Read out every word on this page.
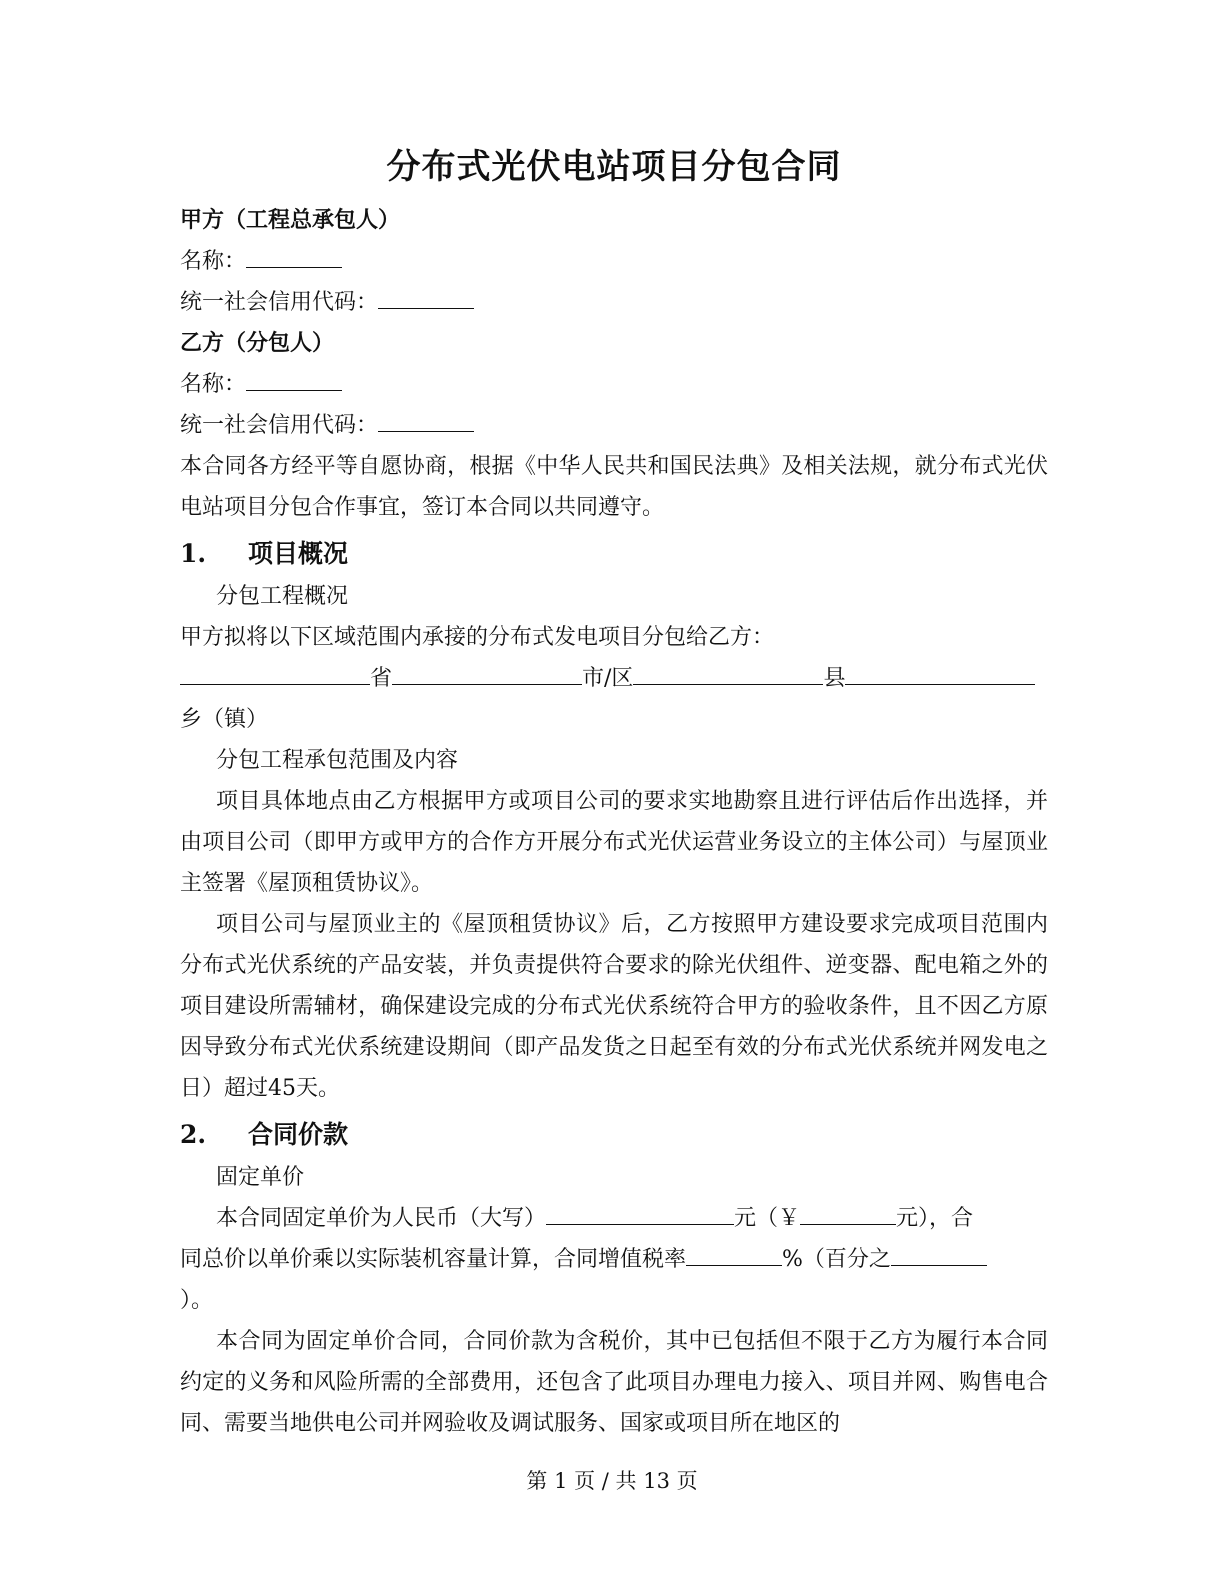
分布式光伏电站项目分包合同

甲方（工程总承包人）

名称：

统一社会信用代码：

乙方（分包人）

名称：

统一社会信用代码：

本合同各方经平等自愿协商，根据《中华人民共和国民法典》及相关法规，就分布式光伏电站项目分包合作事宜，签订本合同以共同遵守。

1.	项目概况

分包工程概况

甲方拟将以下区域范围内承接的分布式发电项目分包给乙方：

省	市/区	县

乡（镇）

分包工程承包范围及内容

项目具体地点由乙方根据甲方或项目公司的要求实地勘察且进行评估后作出选择，并由项目公司（即甲方或甲方的合作方开展分布式光伏运营业务设立的主体公司）与屋顶业主签署《屋顶租赁协议》。

项目公司与屋顶业主的《屋顶租赁协议》后，乙方按照甲方建设要求完成项目范围内分布式光伏系统的产品安装，并负责提供符合要求的除光伏组件、逆变器、配电箱之外的项目建设所需辅材，确保建设完成的分布式光伏系统符合甲方的验收条件，且不因乙方原因导致分布式光伏系统建设期间（即产品发货之日起至有效的分布式光伏系统并网发电之日）超过45天。

2.	合同价款

固定单价

本合同固定单价为人民币（大写）	元（￥	元），合

同总价以单价乘以实际装机容量计算，合同增值税率	%（百分之

）。

本合同为固定单价合同，合同价款为含税价，其中已包括但不限于乙方为履行本合同约定的义务和风险所需的全部费用，还包含了此项目办理电力接入、项目并网、购售电合同、需要当地供电公司并网验收及调试服务、国家或项目所在地区的

第 1 页 / 共 13 页
